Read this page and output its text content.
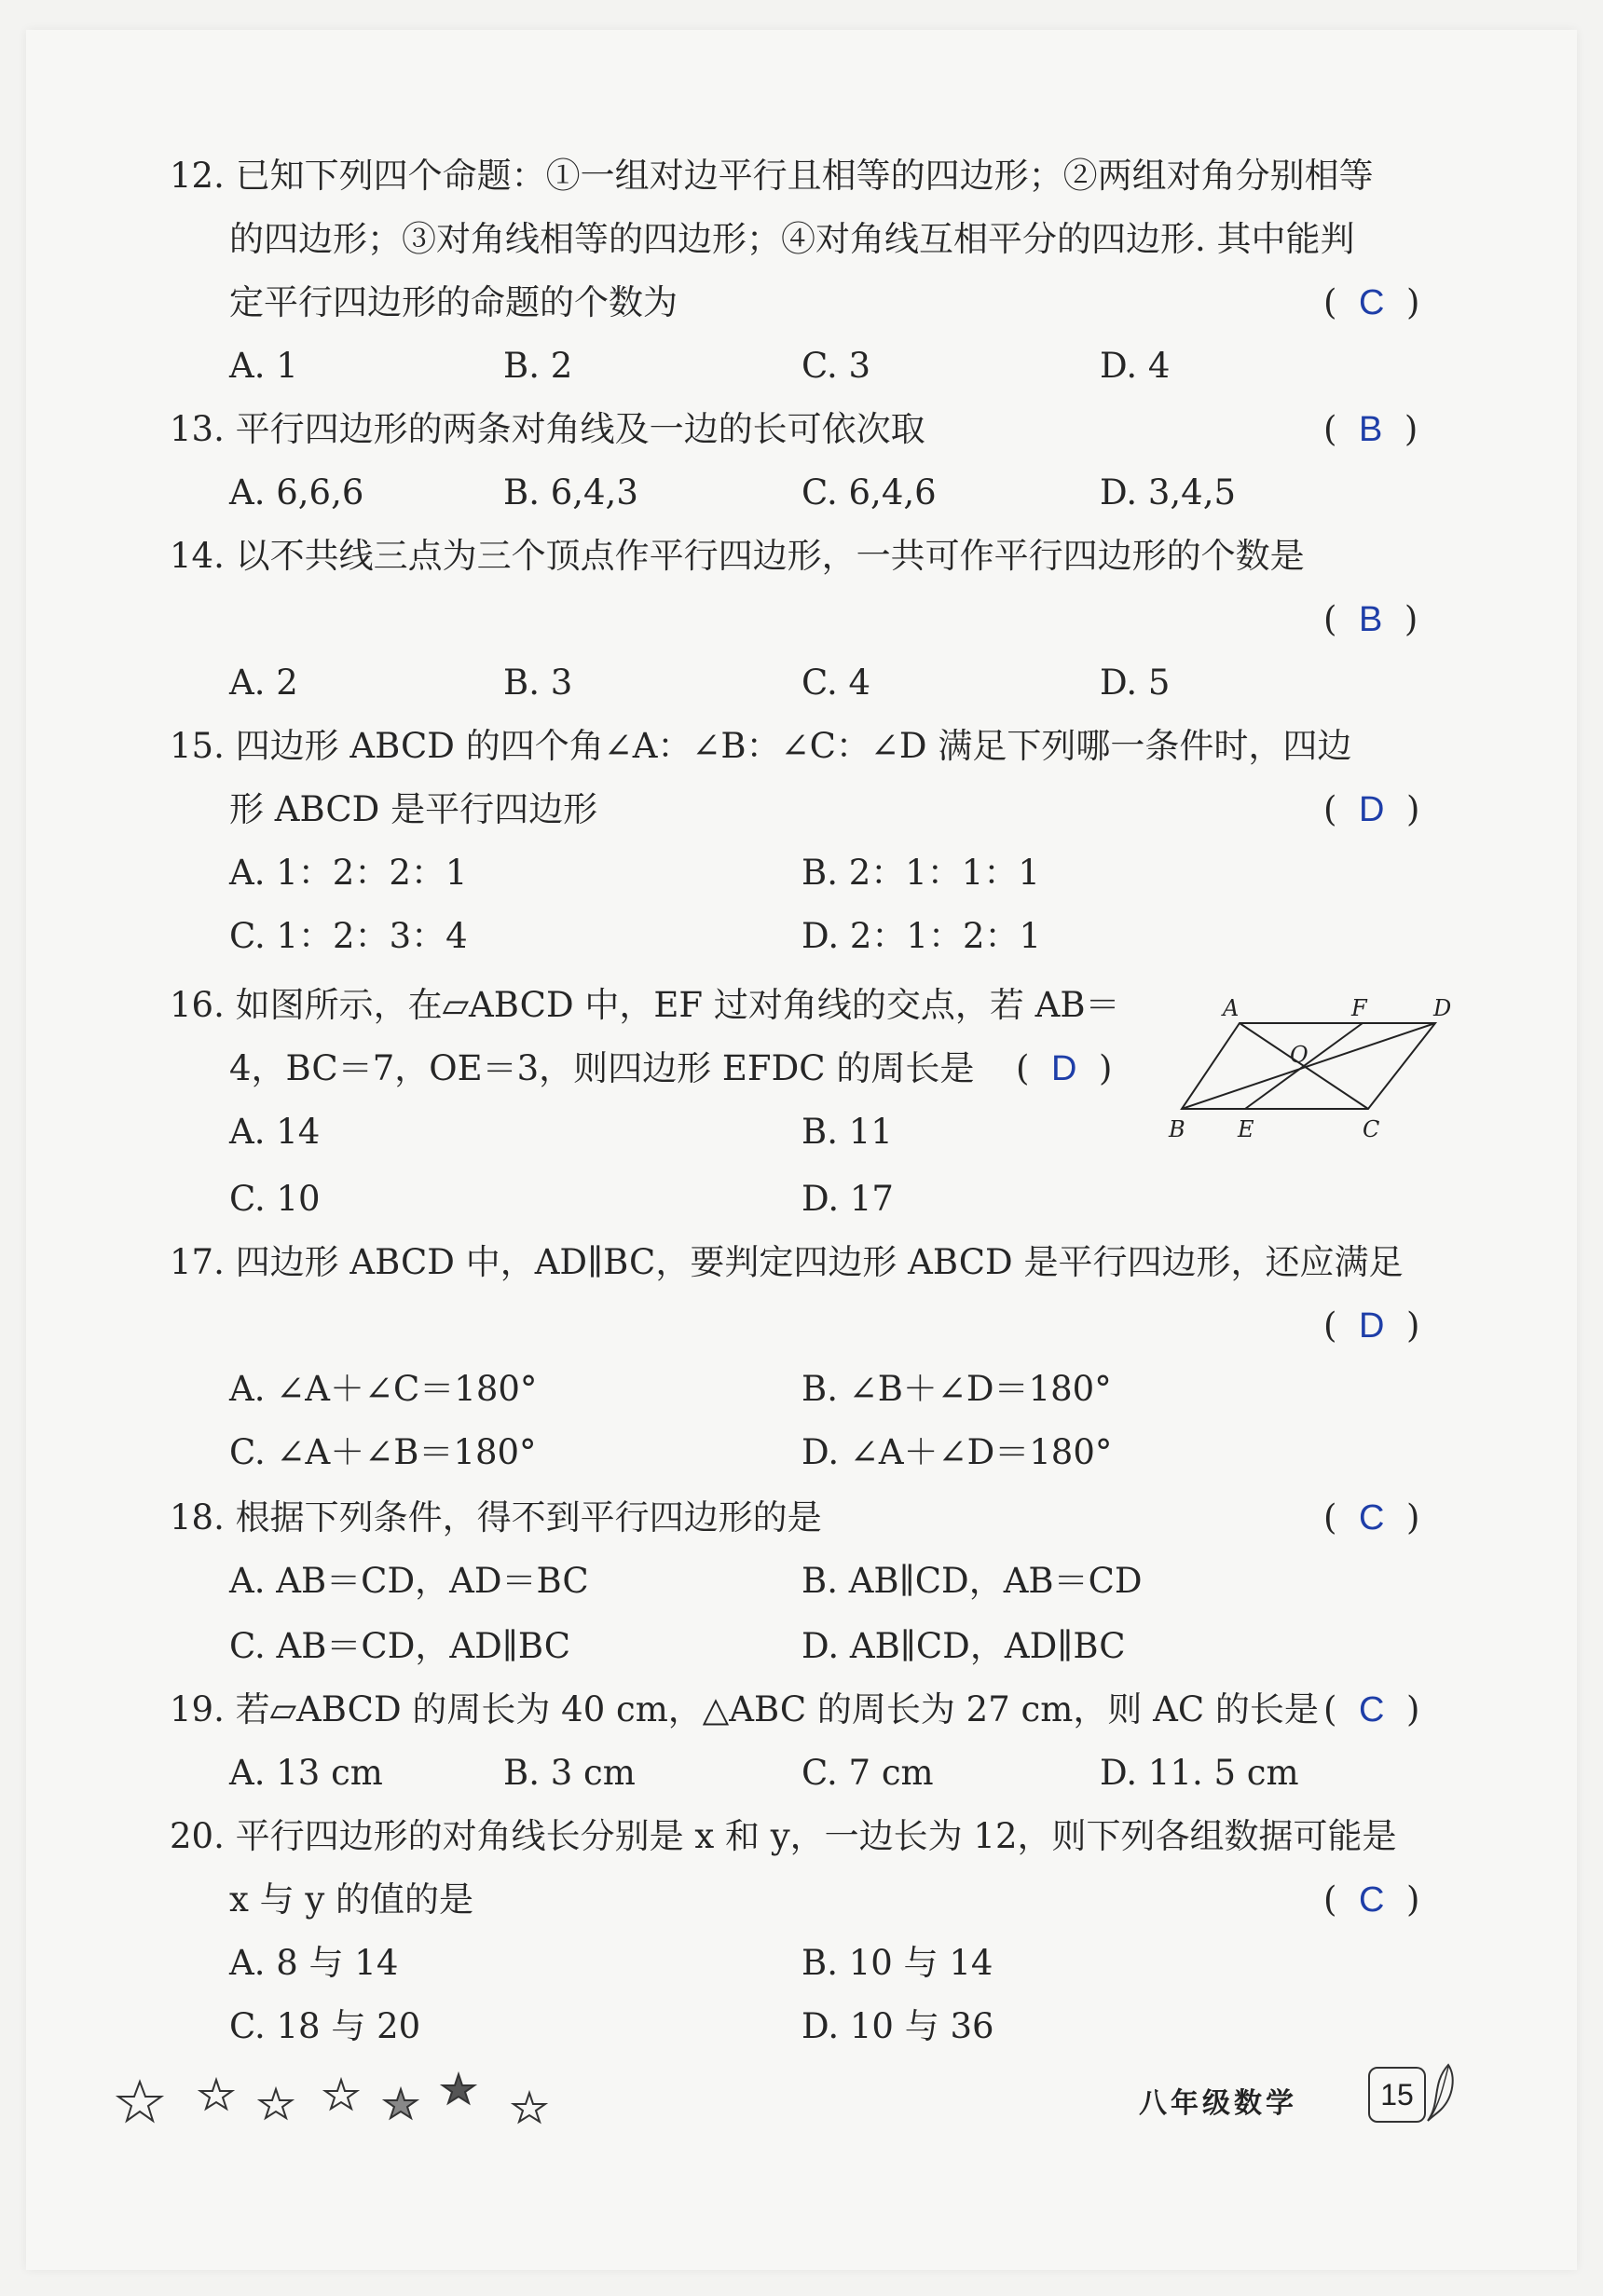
12. 已知下列四个命题：①一组对边平行且相等的四边形；②两组对角分别相等
的四边形；③对角线相等的四边形；④对角线互相平分的四边形. 其中能判
定平行四边形的命题的个数为	( C )
A. 1	B. 2	C. 3	D. 4
13. 平行四边形的两条对角线及一边的长可依次取	( B )
A. 6,6,6	B. 6,4,3	C. 6,4,6	D. 3,4,5
14. 以不共线三点为三个顶点作平行四边形，一共可作平行四边形的个数是
( B )
A. 2	B. 3	C. 4	D. 5
15. 四边形 ABCD 的四个角∠A：∠B：∠C：∠D 满足下列哪一条件时，四边
形 ABCD 是平行四边形	( D )
A. 1：2：2：1	B. 2：1：1：1
C. 1：2：3：4	D. 2：1：2：1
16. 如图所示，在▱ABCD 中，EF 过对角线的交点，若 AB＝
4，BC＝7，OE＝3，则四边形 EFDC 的周长是 ( D )
A. 14	B. 11
C. 10	D. 17
A	F	D
O
B E	C
17. 四边形 ABCD 中，AD∥BC，要判定四边形 ABCD 是平行四边形，还应满足
( D )
A. ∠A＋∠C＝180°	B. ∠B＋∠D＝180°
C. ∠A＋∠B＝180°	D. ∠A＋∠D＝180°
18. 根据下列条件，得不到平行四边形的是	( C )
A. AB＝CD，AD＝BC	B. AB∥CD，AB＝CD
C. AB＝CD，AD∥BC	D. AB∥CD，AD∥BC
19. 若▱ABCD 的周长为 40 cm，△ABC 的周长为 27 cm，则 AC 的长是 ( C )
A. 13 cm	B. 3 cm	C. 7 cm	D. 11. 5 cm
20. 平行四边形的对角线长分别是 x 和 y，一边长为 12，则下列各组数据可能是
x 与 y 的值的是	( C )
A. 8 与 14	B. 10 与 14
C. 18 与 20	D. 10 与 36
八年级数学	15
